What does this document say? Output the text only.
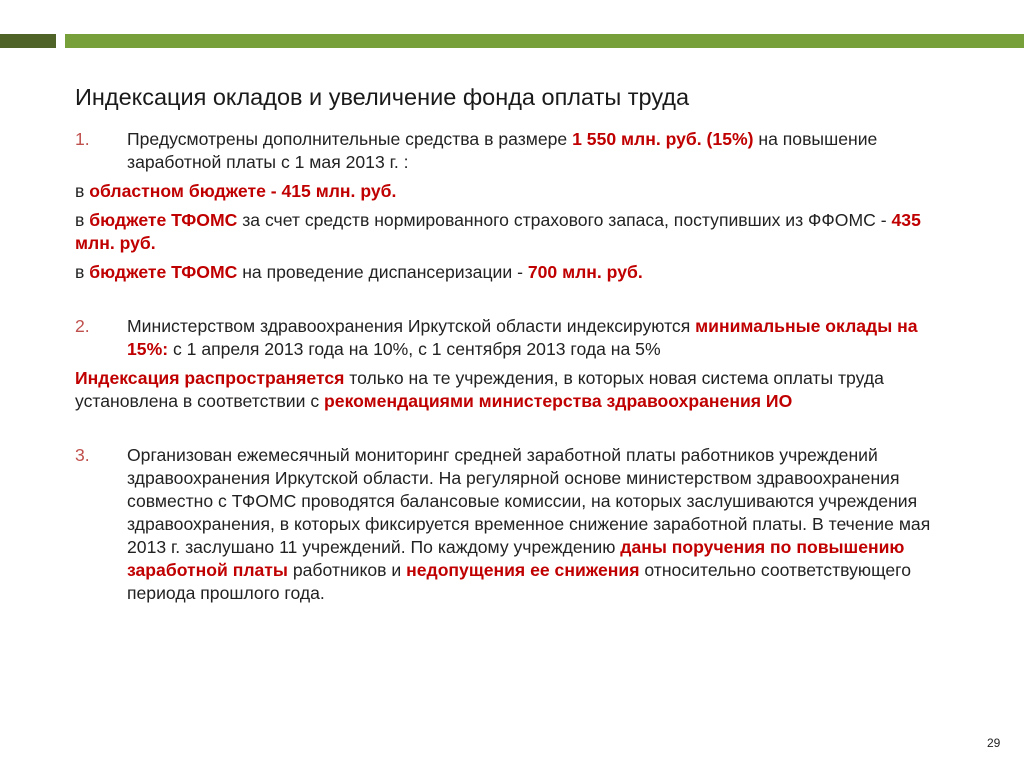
Индексация окладов и увеличение фонда оплаты труда
1. Предусмотрены дополнительные средства в размере 1 550 млн. руб. (15%) на повышение заработной платы с 1 мая 2013 г. :

в областном бюджете - 415 млн. руб.

в бюджете ТФОМС за счет средств нормированного страхового запаса, поступивших из ФФОМС - 435 млн. руб.

в бюджете ТФОМС на проведение диспансеризации - 700 млн. руб.

2. Министерством здравоохранения Иркутской области индексируются минимальные оклады на 15%: с 1 апреля 2013 года на 10%, с 1 сентября 2013 года на 5%

Индексация распространяется только на те учреждения, в которых новая система оплаты труда установлена в соответствии с рекомендациями министерства здравоохранения ИО

3. Организован ежемесячный мониторинг средней заработной платы работников учреждений здравоохранения Иркутской области. На регулярной основе министерством здравоохранения совместно с ТФОМС проводятся балансовые комиссии, на которых заслушиваются учреждения здравоохранения, в которых фиксируется временное снижение заработной платы. В течение мая 2013 г. заслушано 11 учреждений. По каждому учреждению даны поручения по повышению заработной платы работников и недопущения ее снижения относительно соответствующего периода прошлого года.
29
